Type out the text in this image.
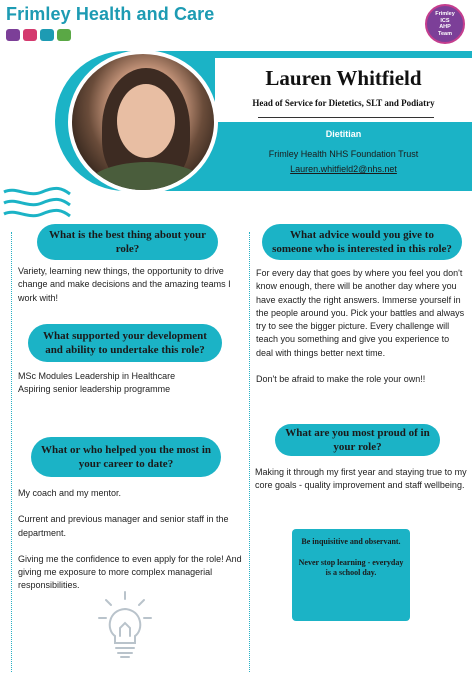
Frimley Health and Care	Frimley
ICS
AHP
Team
Lauren Whitfield
Head of Service for Dietetics, SLT and Podiatry
Dietitian
Frimley Health NHS Foundation Trust
Lauren.whitfield2@nhs.net
What is the best thing about your role?
Variety, learning new things, the opportunity to drive change and make decisions and the amazing teams I work with!
What supported your development and ability to undertake this role?

MSc Modules Leadership in Healthcare

Aspiring senior leadership programme

What or who helped you the most in your career to date?

My coach and my mentor.

Current and previous manager and senior staff in the department.

Giving me the confidence to even apply for the role! And giving me exposure to more complex managerial responsibilities.

What advice would you give to someone who is interested in this role?

For every day that goes by where you feel you don't know enough, there will be another day where you have exactly the right answers. Immerse yourself in the people around you. Pick your battles and always try to see the bigger picture. Every challenge will teach you something and give you experience to deal with things better next time.

Don't be afraid to make the role your own!!

What are you most proud of in your role?
Making it through my first year and staying true to my core goals - quality improvement and staff wellbeing.

Be inquisitive and observant.

Never stop learning - everyday is a school day.
